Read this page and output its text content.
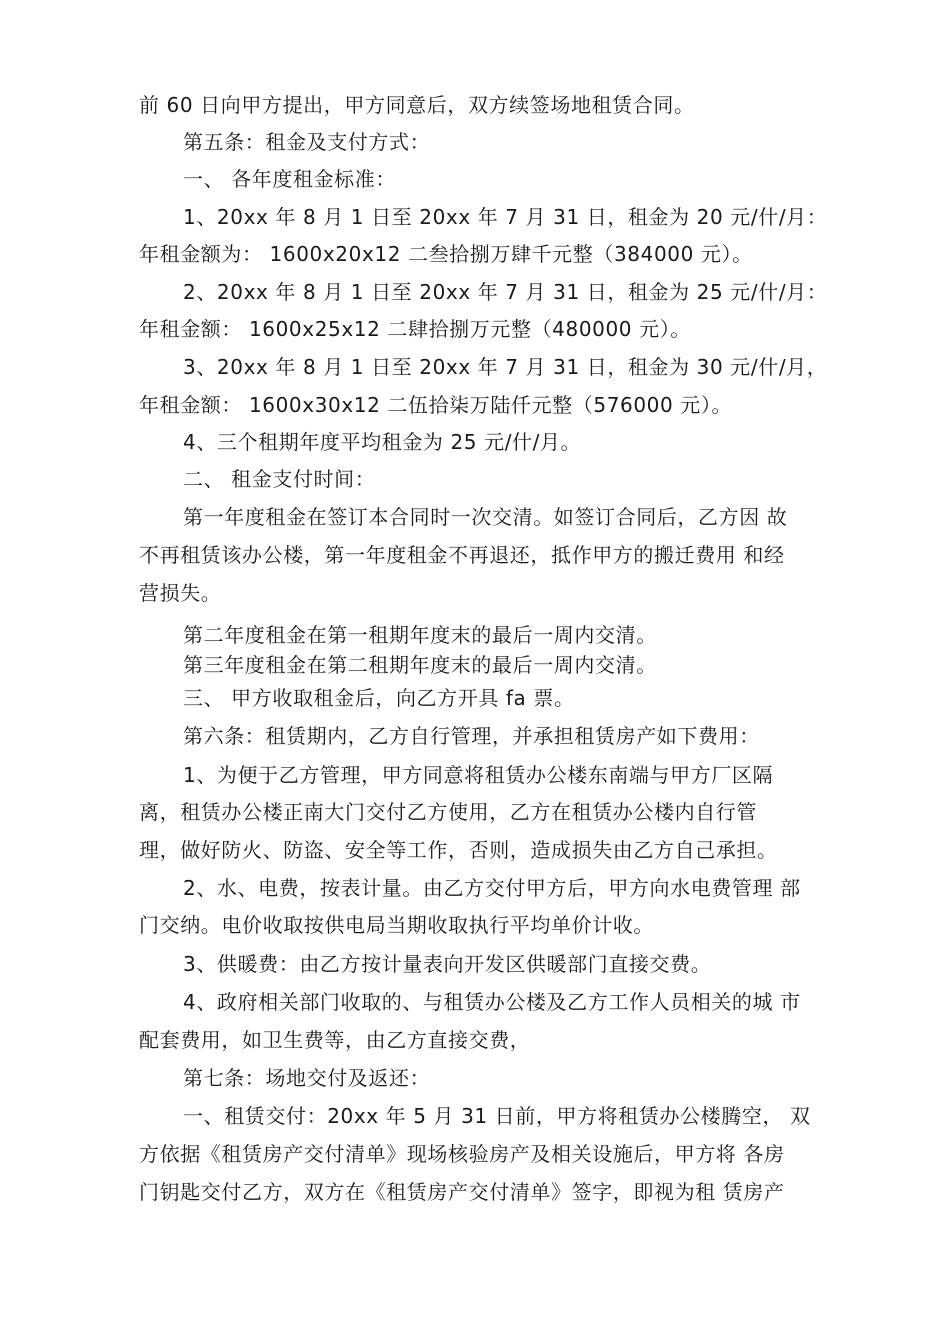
前 60 日向甲方提出，甲方同意后，双方续签场地租赁合同。
第五条：租金及支付方式：
一、 各年度租金标准：
1、20xx 年 8 月 1 日至 20xx 年 7 月 31 日，租金为 20 元/什/月：
年租金额为： 1600x20x12 二叁拾捌万肆千元整（384000 元）。
2、20xx 年 8 月 1 日至 20xx 年 7 月 31 日，租金为 25 元/什/月：
年租金额： 1600x25x12 二肆拾捌万元整（480000 元）。
3、20xx 年 8 月 1 日至 20xx 年 7 月 31 日，租金为 30 元/什/月，
年租金额： 1600x30x12 二伍拾柒万陆仟元整（576000 元）。
4、三个租期年度平均租金为 25 元/什/月。
二、 租金支付时间：
第一年度租金在签订本合同时一次交清。如签订合同后，乙方因 故
不再租赁该办公楼，第一年度租金不再退还，抵作甲方的搬迁费用 和经
营损失。
第二年度租金在第一租期年度末的最后一周内交清。
第三年度租金在第二租期年度末的最后一周内交清。
三、 甲方收取租金后，向乙方开具 fa 票。
第六条：租赁期内，乙方自行管理，并承担租赁房产如下费用：
1、为便于乙方管理，甲方同意将租赁办公楼东南端与甲方厂区隔
离，租赁办公楼正南大门交付乙方使用，乙方在租赁办公楼内自行管
理，做好防火、防盗、安全等工作，否则，造成损失由乙方自己承担。
2、水、电费，按表计量。由乙方交付甲方后，甲方向水电费管理 部
门交纳。电价收取按供电局当期收取执行平均单价计收。
3、供暖费：由乙方按计量表向开发区供暖部门直接交费。
4、政府相关部门收取的、与租赁办公楼及乙方工作人员相关的城 市
配套费用，如卫生费等，由乙方直接交费，
第七条：场地交付及返还：
一、租赁交付：20xx 年 5 月 31 日前，甲方将租赁办公楼腾空， 双
方依据《租赁房产交付清单》现场核验房产及相关设施后，甲方将 各房
门钥匙交付乙方，双方在《租赁房产交付清单》签字，即视为租 赁房产
